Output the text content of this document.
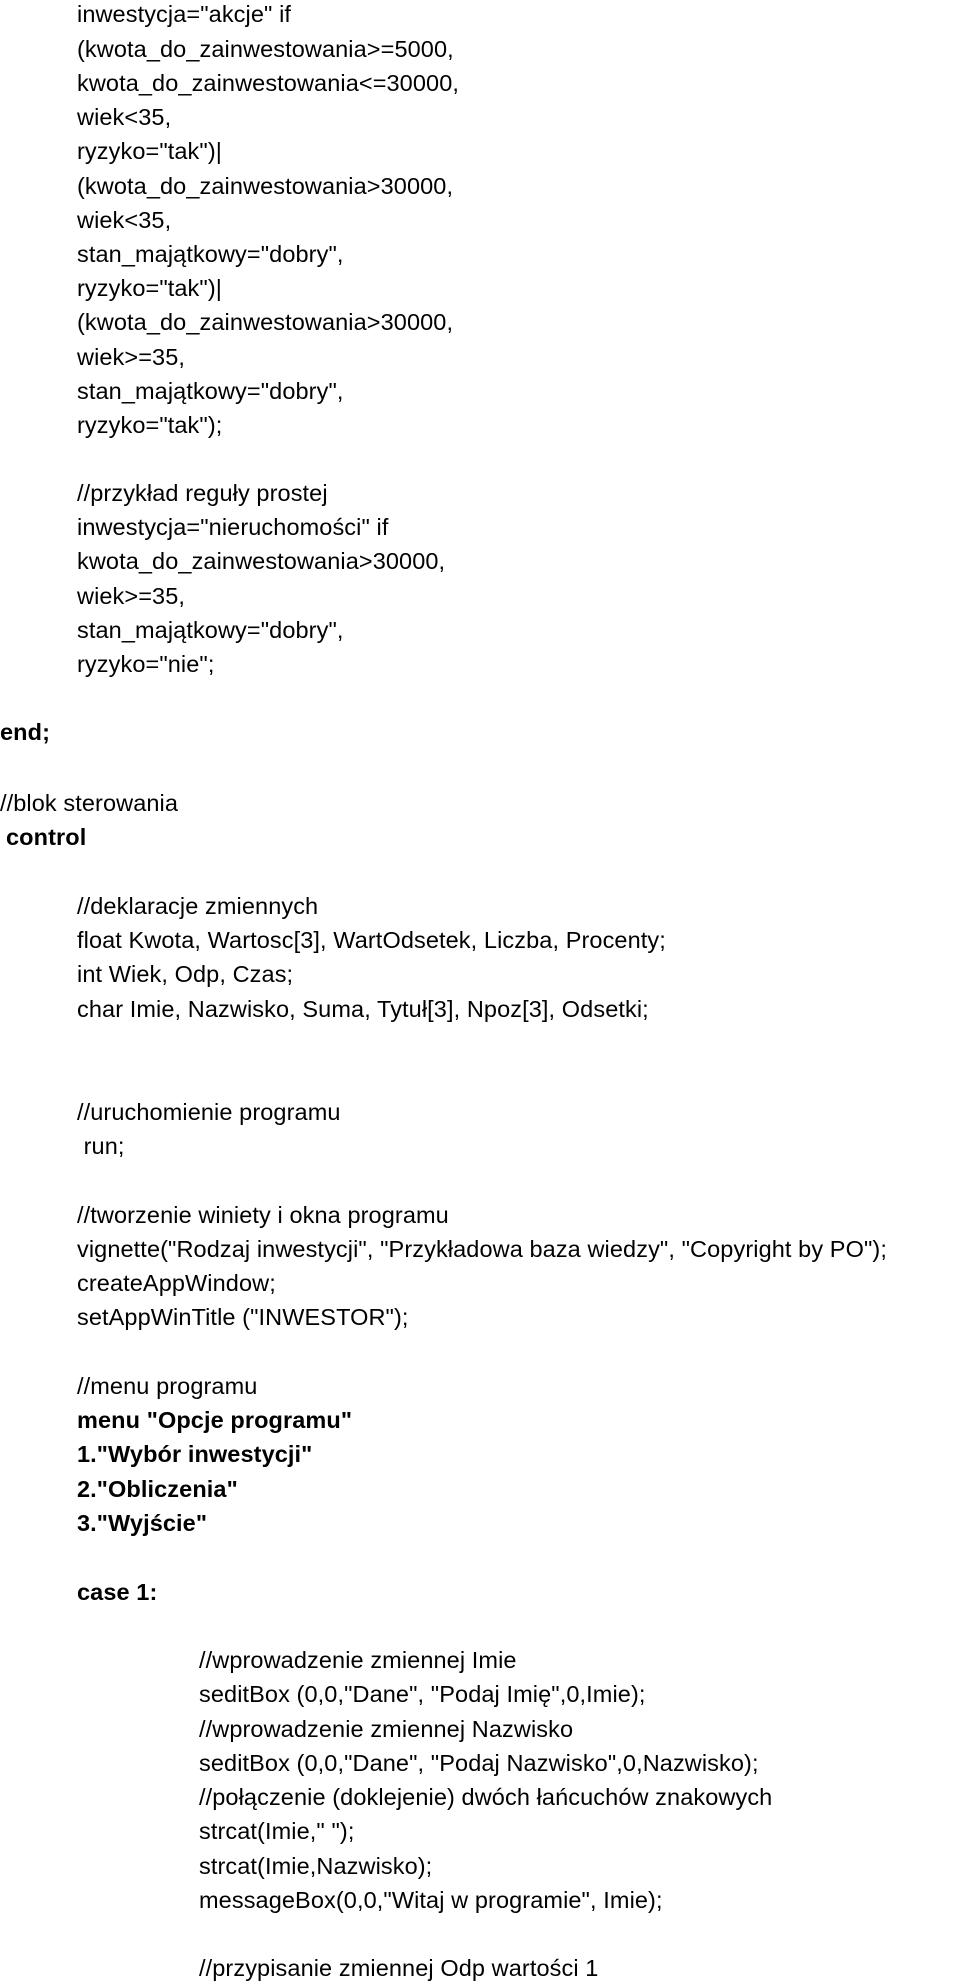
inwestycja="akcje" if
(kwota_do_zainwestowania>=5000,
kwota_do_zainwestowania<=30000,
wiek<35,
ryzyko="tak")|
(kwota_do_zainwestowania>30000,
wiek<35,
stan_majątkowy="dobry",
ryzyko="tak")|
(kwota_do_zainwestowania>30000,
wiek>=35,
stan_majątkowy="dobry",
ryzyko="tak");
//przykład reguły prostej
inwestycja="nieruchomości" if
kwota_do_zainwestowania>30000,
wiek>=35,
stan_majątkowy="dobry",
ryzyko="nie";
end;
//blok sterowania
control
//deklaracje zmiennych
float Kwota, Wartosc[3], WartOdsetek, Liczba, Procenty;
int Wiek, Odp, Czas;
char Imie, Nazwisko, Suma, Tytuł[3], Npoz[3], Odsetki;
//uruchomienie programu
run;
//tworzenie winiety i okna programu
vignette("Rodzaj inwestycji", "Przykładowa baza wiedzy", "Copyright by PO");
createAppWindow;
setAppWinTitle ("INWESTOR");
//menu programu
menu "Opcje programu"
1."Wybór inwestycji"
2."Obliczenia"
3."Wyjście"
case 1:
//wprowadzenie zmiennej Imie
seditBox (0,0,"Dane", "Podaj Imię",0,Imie);
//wprowadzenie zmiennej Nazwisko
seditBox (0,0,"Dane", "Podaj Nazwisko",0,Nazwisko);
//połączenie (doklejenie) dwóch łańcuchów znakowych
strcat(Imie," ");
strcat(Imie,Nazwisko);
messageBox(0,0,"Witaj w programie", Imie);
//przypisanie zmiennej Odp wartości 1
